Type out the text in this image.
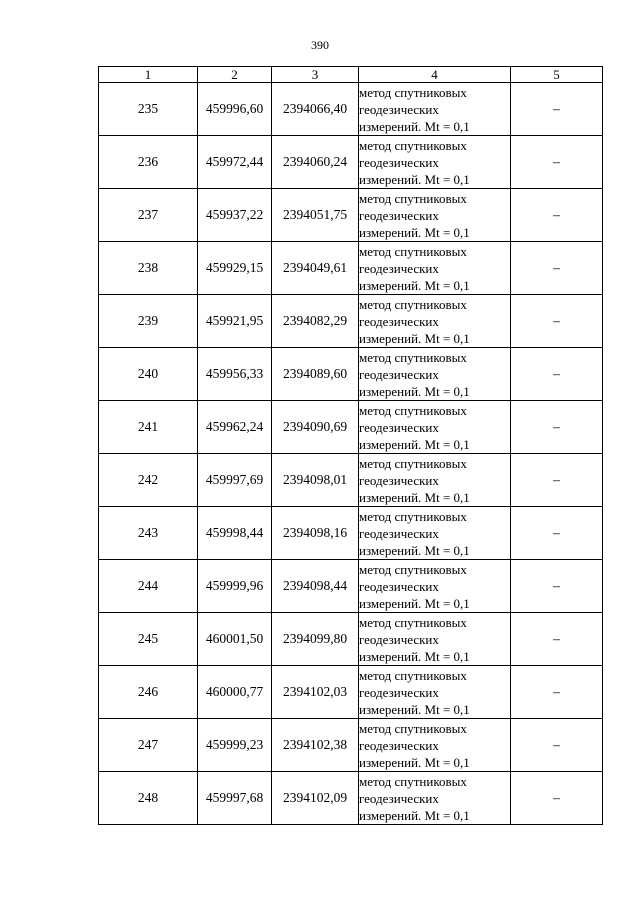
390
1	2	3	4	5
235	459996,60	2394066,40	метод спутниковых
геодезических
измерений. Mt = 0,1	–
236	459972,44	2394060,24	метод спутниковых
геодезических
измерений. Mt = 0,1	–
237	459937,22	2394051,75	метод спутниковых
геодезических
измерений. Mt = 0,1	–
238	459929,15	2394049,61	метод спутниковых
геодезических
измерений. Mt = 0,1	–
239	459921,95	2394082,29	метод спутниковых
геодезических
измерений. Mt = 0,1	–
240	459956,33	2394089,60	метод спутниковых
геодезических
измерений. Mt = 0,1	–
241	459962,24	2394090,69	метод спутниковых
геодезических
измерений. Mt = 0,1	–
242	459997,69	2394098,01	метод спутниковых
геодезических
измерений. Mt = 0,1	–
243	459998,44	2394098,16	метод спутниковых
геодезических
измерений. Mt = 0,1	–
244	459999,96	2394098,44	метод спутниковых
геодезических
измерений. Mt = 0,1	–
245	460001,50	2394099,80	метод спутниковых
геодезических
измерений. Mt = 0,1	–
246	460000,77	2394102,03	метод спутниковых
геодезических
измерений. Mt = 0,1	–
247	459999,23	2394102,38	метод спутниковых
геодезических
измерений. Mt = 0,1	–
248	459997,68	2394102,09	метод спутниковых
геодезических
измерений. Mt = 0,1	–
